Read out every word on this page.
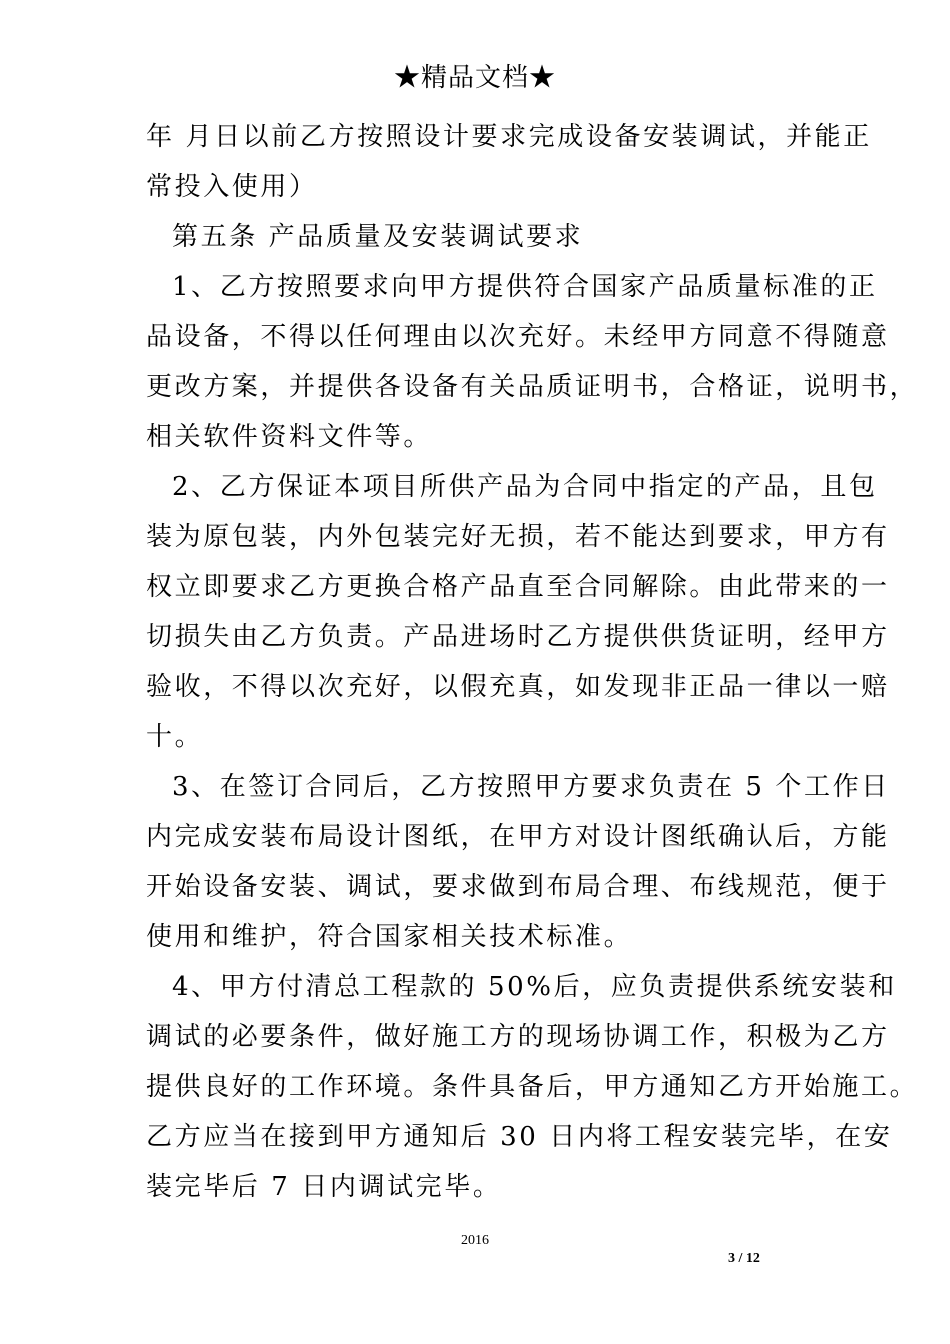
★精品文档★
年 月日以前乙方按照设计要求完成设备安装调试，并能正
常投入使用）
第五条 产品质量及安装调试要求
1、乙方按照要求向甲方提供符合国家产品质量标准的正
品设备，不得以任何理由以次充好。未经甲方同意不得随意
更改方案，并提供各设备有关品质证明书，合格证，说明书，
相关软件资料文件等。
2、乙方保证本项目所供产品为合同中指定的产品，且包
装为原包装，内外包装完好无损，若不能达到要求，甲方有
权立即要求乙方更换合格产品直至合同解除。由此带来的一
切损失由乙方负责。产品进场时乙方提供供货证明，经甲方
验收，不得以次充好，以假充真，如发现非正品一律以一赔
十。
3、在签订合同后，乙方按照甲方要求负责在 5 个工作日
内完成安装布局设计图纸，在甲方对设计图纸确认后，方能
开始设备安装、调试，要求做到布局合理、布线规范，便于
使用和维护，符合国家相关技术标准。
4、甲方付清总工程款的 50%后，应负责提供系统安装和
调试的必要条件，做好施工方的现场协调工作，积极为乙方
提供良好的工作环境。条件具备后，甲方通知乙方开始施工。
乙方应当在接到甲方通知后 30 日内将工程安装完毕，在安
装完毕后 7 日内调试完毕。
2016
3 / 12
